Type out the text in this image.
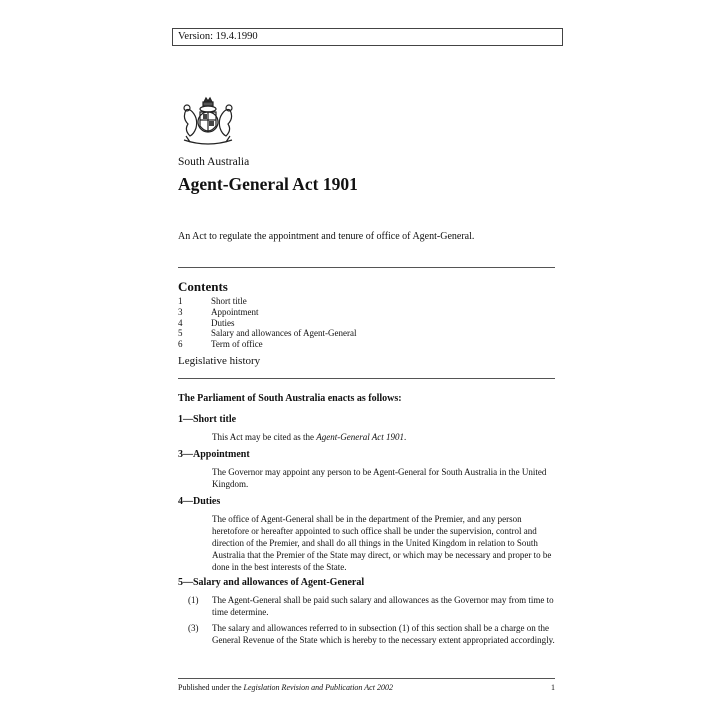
Version: 19.4.1990
South Australia
Agent-General Act 1901
An Act to regulate the appointment and tenure of office of Agent-General.
Contents
1	Short title
3	Appointment
4	Duties
5	Salary and allowances of Agent-General
6	Term of office
Legislative history
The Parliament of South Australia enacts as follows:
1—Short title
This Act may be cited as the Agent-General Act 1901.
3—Appointment
The Governor may appoint any person to be Agent-General for South Australia in the United Kingdom.
4—Duties
The office of Agent-General shall be in the department of the Premier, and any person heretofore or hereafter appointed to such office shall be under the supervision, control and direction of the Premier, and shall do all things in the United Kingdom in relation to South Australia that the Premier of the State may direct, or which may be necessary and proper to be done in the best interests of the State.
5—Salary and allowances of Agent-General
(1)	The Agent-General shall be paid such salary and allowances as the Governor may from time to time determine.
(3)	The salary and allowances referred to in subsection (1) of this section shall be a charge on the General Revenue of the State which is hereby to the necessary extent appropriated accordingly.
Published under the Legislation Revision and Publication Act 2002	1
